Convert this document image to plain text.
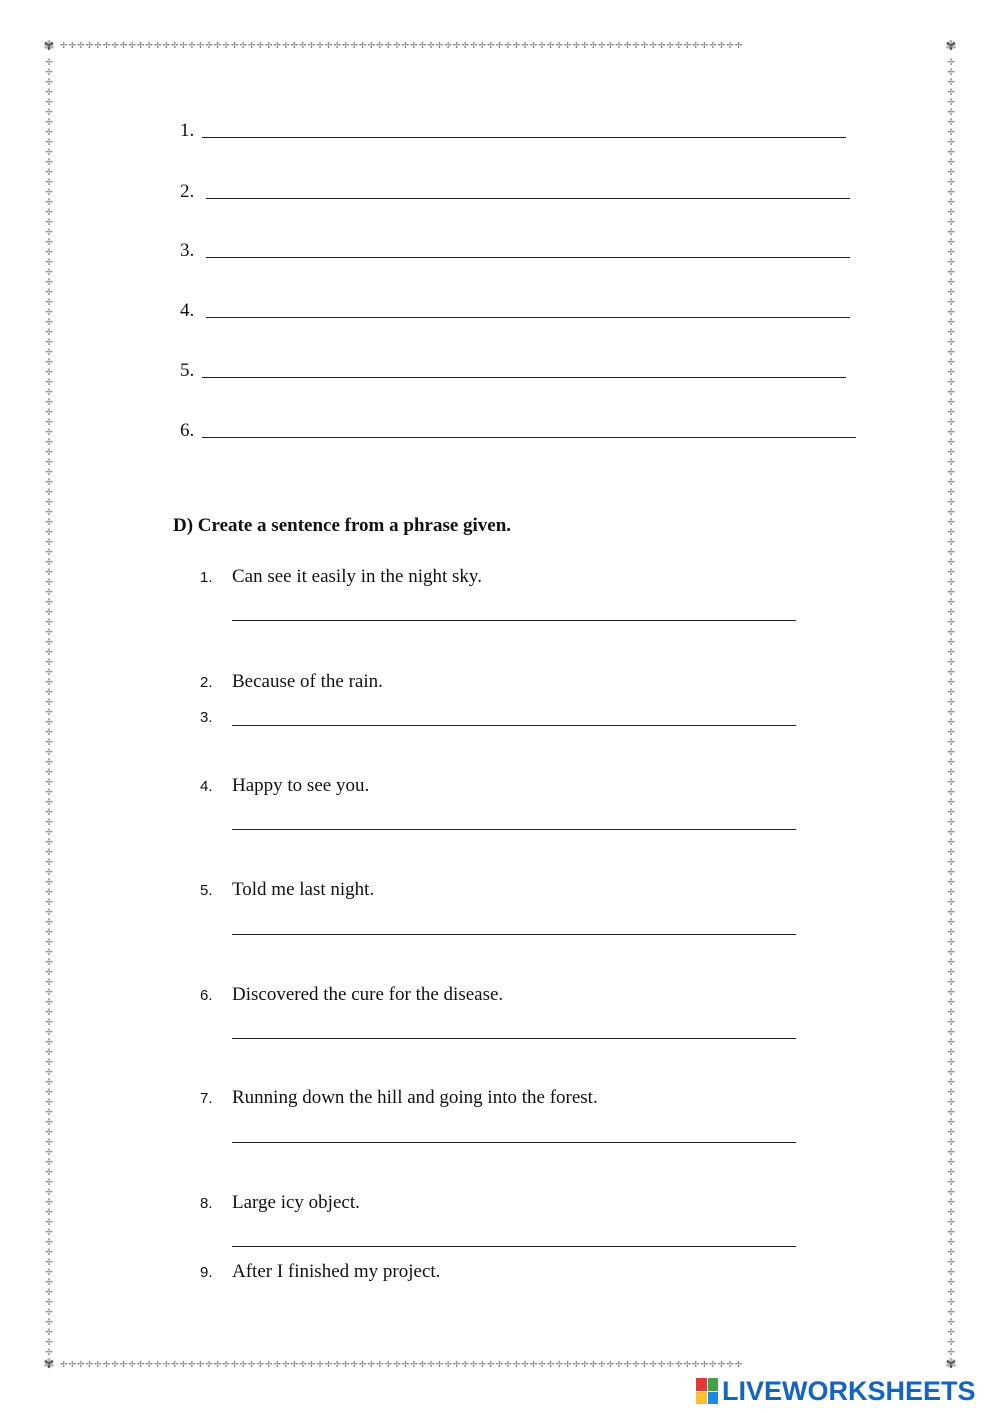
✾	✾
✾	✾
✢✢✢✢✢✢✢✢✢✢✢✢✢✢✢✢✢✢✢✢✢✢✢✢✢✢✢✢✢✢✢✢✢✢✢✢✢✢✢✢✢✢✢✢✢✢✢✢✢✢✢✢✢✢✢✢✢✢✢✢✢✢✢✢✢✢✢✢✢✢✢✢✢✢✢✢✢✢✢✢
✢✢✢✢✢✢✢✢✢✢✢✢✢✢✢✢✢✢✢✢✢✢✢✢✢✢✢✢✢✢✢✢✢✢✢✢✢✢✢✢✢✢✢✢✢✢✢✢✢✢✢✢✢✢✢✢✢✢✢✢✢✢✢✢✢✢✢✢✢✢✢✢✢✢✢✢✢✢✢✢
✢✢✢✢✢✢✢✢✢✢✢✢✢✢✢✢✢✢✢✢✢✢✢✢✢✢✢✢✢✢✢✢✢✢✢✢✢✢✢✢✢✢✢✢✢✢✢✢✢✢✢✢✢✢✢✢✢✢✢✢✢✢✢✢✢✢✢✢✢✢✢✢✢✢✢✢✢✢✢✢✢✢✢✢✢✢✢✢✢✢✢✢✢✢✢✢✢✢✢✢✢✢✢✢✢✢✢✢✢✢✢✢✢✢✢✢✢✢✢✢✢✢✢✢✢✢✢✢✢✢
✢✢✢✢✢✢✢✢✢✢✢✢✢✢✢✢✢✢✢✢✢✢✢✢✢✢✢✢✢✢✢✢✢✢✢✢✢✢✢✢✢✢✢✢✢✢✢✢✢✢✢✢✢✢✢✢✢✢✢✢✢✢✢✢✢✢✢✢✢✢✢✢✢✢✢✢✢✢✢✢✢✢✢✢✢✢✢✢✢✢✢✢✢✢✢✢✢✢✢✢✢✢✢✢✢✢✢✢✢✢✢✢✢✢✢✢✢✢✢✢✢✢✢✢✢✢✢✢✢✢
1.
2.
3.
4.
5.
6.
D) Create a sentence from a phrase given.
1. Can see it easily in the night sky.
2. Because of the rain.
3.
4. Happy to see you.
5. Told me last night.
6. Discovered the cure for the disease.
7. Running down the hill and going into the forest.
8. Large icy object.
9. After I finished my project.
LIVEWORKSHEETS
